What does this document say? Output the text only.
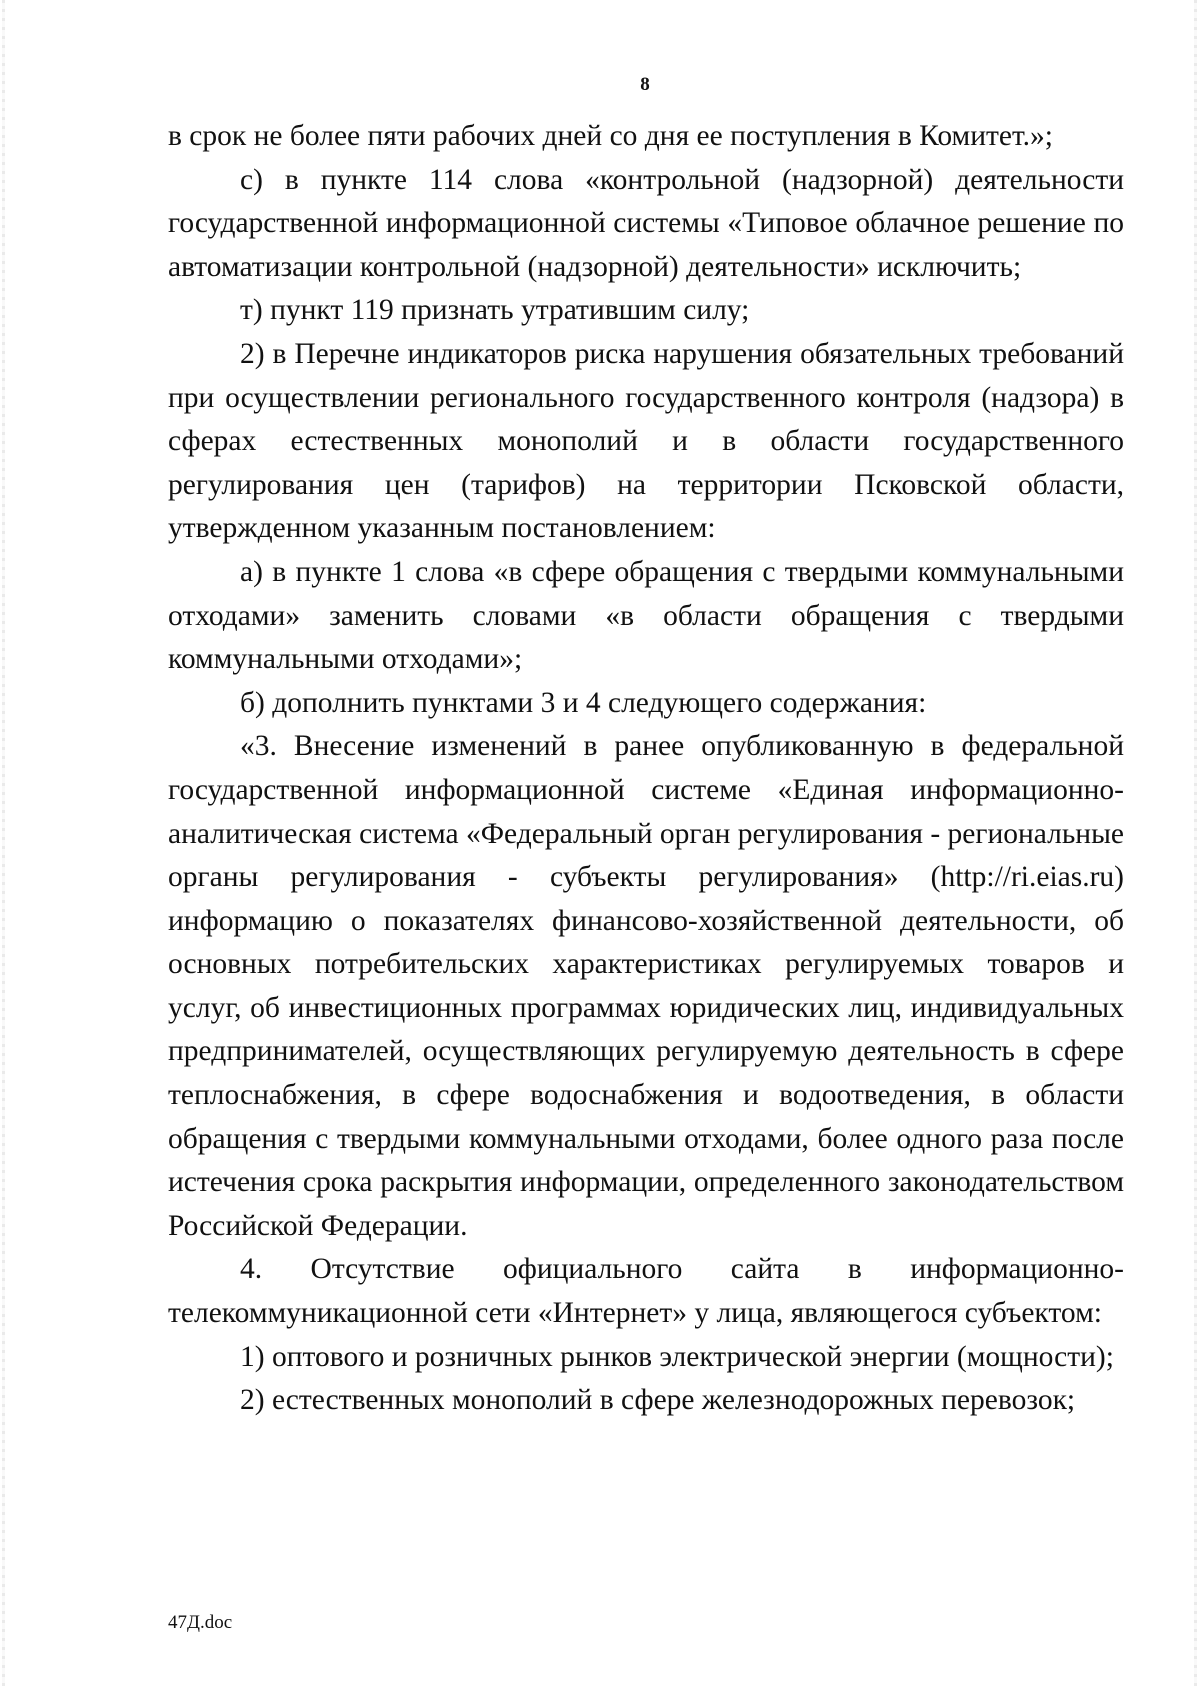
8

в срок не более пяти рабочих дней со дня ее поступления в Комитет.»;

с) в пункте 114 слова «контрольной (надзорной) деятельности государственной информационной системы «Типовое облачное решение по автоматизации контрольной (надзорной) деятельности» исключить;

т) пункт 119 признать утратившим силу;

2) в Перечне индикаторов риска нарушения обязательных требований при осуществлении регионального государственного контроля (надзора) в сферах естественных монополий и в области государственного регулирования цен (тарифов) на территории Псковской области, утвержденном указанным постановлением:

а) в пункте 1 слова «в сфере обращения с твердыми коммунальными отходами» заменить словами «в области обращения с твердыми коммунальными отходами»;

б) дополнить пунктами 3 и 4 следующего содержания:

«3. Внесение изменений в ранее опубликованную в федеральной государственной информационной системе «Единая информационно-аналитическая система «Федеральный орган регулирования - региональные органы регулирования - субъекты регулирования» (http://ri.eias.ru) информацию о показателях финансово-хозяйственной деятельности, об основных потребительских характеристиках регулируемых товаров и услуг, об инвестиционных программах юридических лиц, индивидуальных предпринимателей, осуществляющих регулируемую деятельность в сфере теплоснабжения, в сфере водоснабжения и водоотведения, в области обращения с твердыми коммунальными отходами, более одного раза после истечения срока раскрытия информации, определенного законодательством Российской Федерации.

4. Отсутствие официального сайта в информационно-телекоммуникационной сети «Интернет» у лица, являющегося субъектом:

1) оптового и розничных рынков электрической энергии (мощности);

2) естественных монополий в сфере железнодорожных перевозок;

47Д.doc
